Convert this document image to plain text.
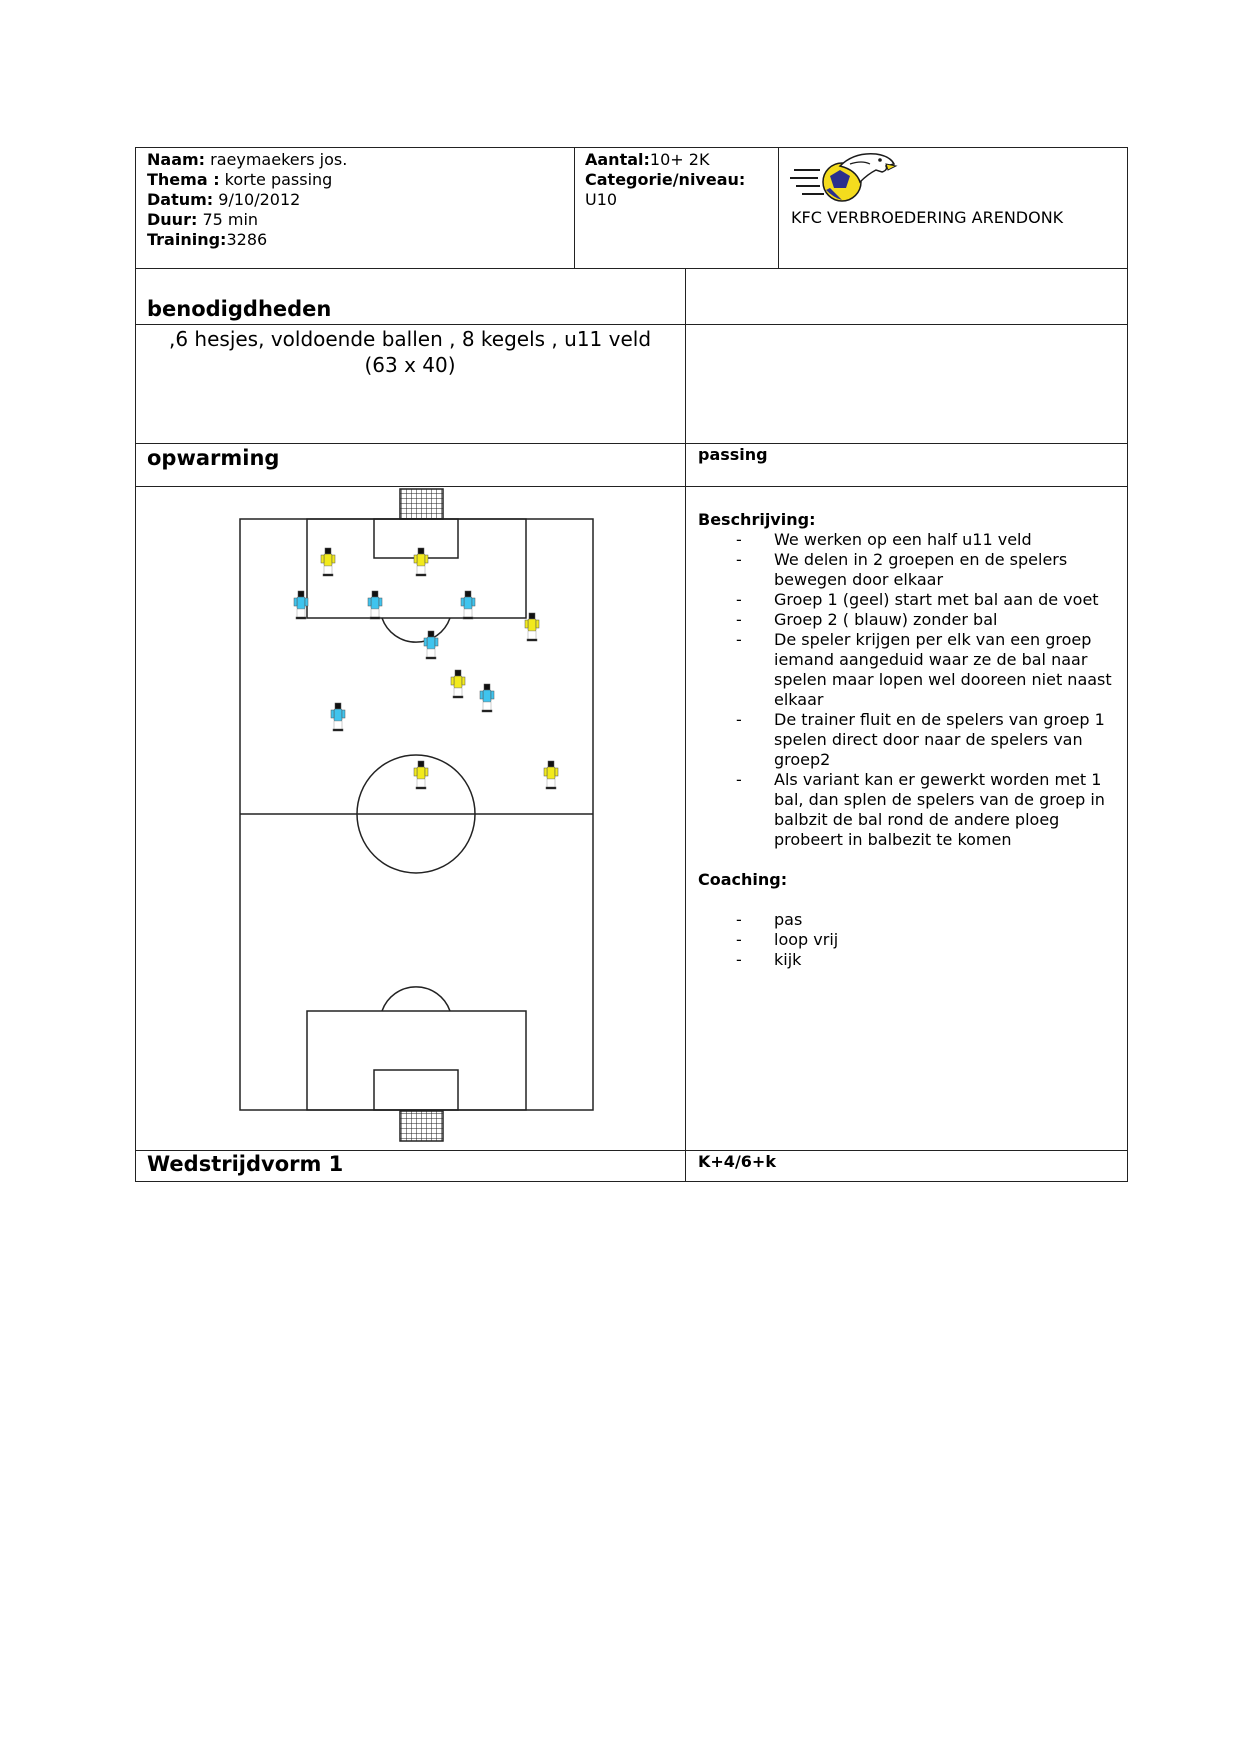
Naam: raeymaekers jos.
Thema : korte passing
Datum: 9/10/2012
Duur: 75 min
Training:3286
Aantal:10+ 2K
Categorie/niveau:
U10
KFC VERBROEDERING ARENDONK
benodigdheden
,6 hesjes, voldoende ballen , 8 kegels , u11 veld
(63 x 40)
opwarming	passing
Beschrijving:
- We werken op een half u11 veld
- We delen in 2 groepen en de spelers bewegen door elkaar
- Groep 1 (geel) start met bal aan de voet
- Groep 2 ( blauw) zonder bal
- De speler krijgen per elk van een groep iemand aangeduid waar ze de bal naar spelen maar lopen wel dooreen niet naast elkaar
- De trainer fluit en de spelers van groep 1 spelen direct door naar de spelers van groep2
- Als variant kan er gewerkt worden met 1 bal, dan splen de spelers van de groep in balbzit de bal rond de andere ploeg probeert in balbezit te komen
Coaching:
- pas
- loop vrij
- kijk
Wedstrijdvorm 1	K+4/6+k
